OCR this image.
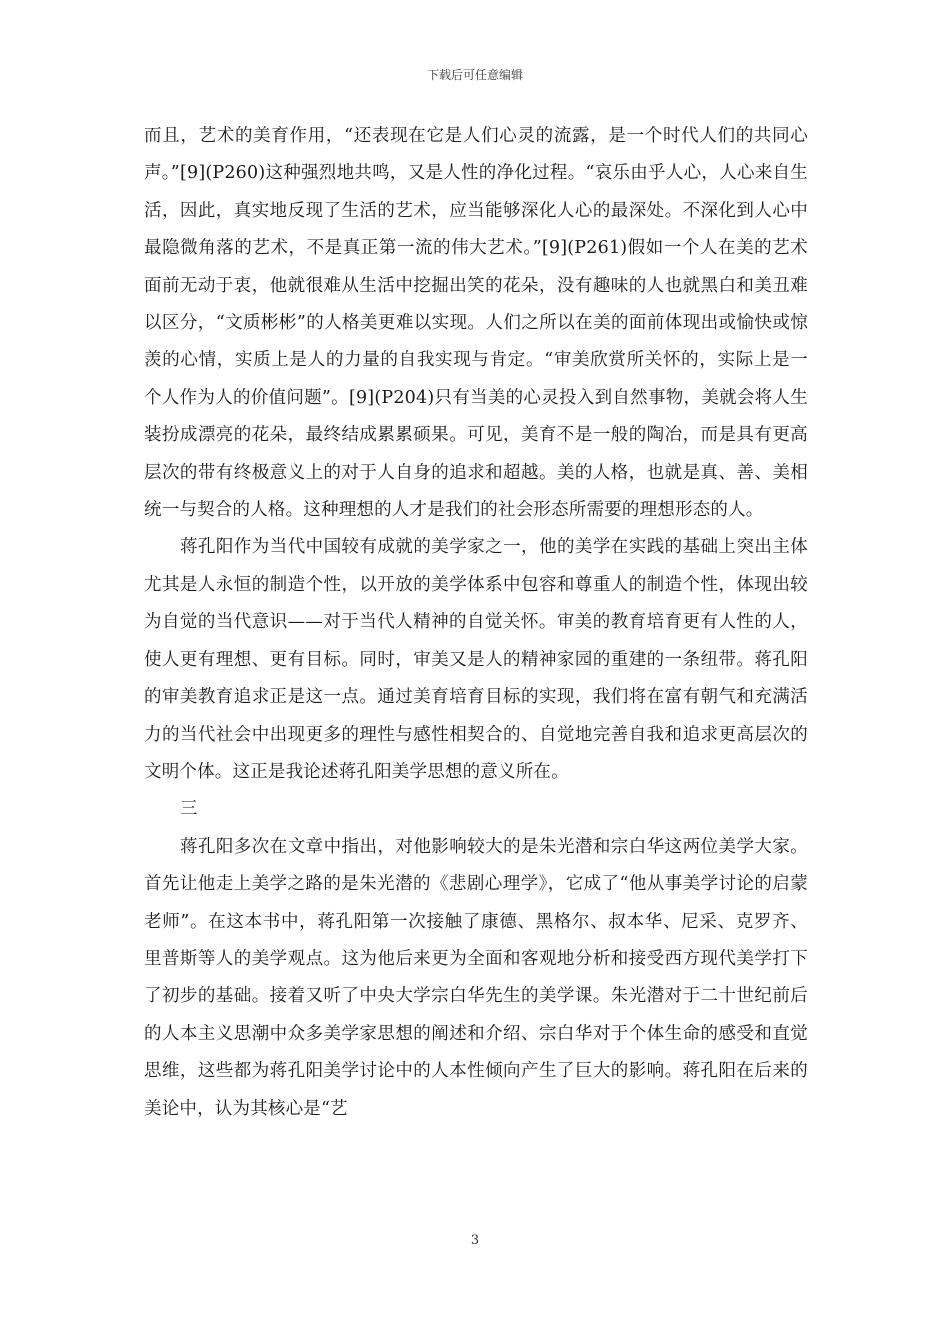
下载后可任意编辑

而且，艺术的美育作用，“还表现在它是人们心灵的流露，是一个时代人们的共同心声。”[9](P260)这种强烈地共鸣，又是人性的净化过程。“哀乐由乎人心，人心来自生活，因此，真实地反现了生活的艺术，应当能够深化人心的最深处。不深化到人心中最隐微角落的艺术，不是真正第一流的伟大艺术。”[9](P261)假如一个人在美的艺术面前无动于衷，他就很难从生活中挖掘出笑的花朵，没有趣味的人也就黑白和美丑难以区分，“文质彬彬”的人格美更难以实现。人们之所以在美的面前体现出或愉快或惊羡的心情，实质上是人的力量的自我实现与肯定。“审美欣赏所关怀的，实际上是一个人作为人的价值问题”。[9](P204)只有当美的心灵投入到自然事物，美就会将人生装扮成漂亮的花朵，最终结成累累硕果。可见，美育不是一般的陶冶，而是具有更高层次的带有终极意义上的对于人自身的追求和超越。美的人格，也就是真、善、美相统一与契合的人格。这种理想的人才是我们的社会形态所需要的理想形态的人。

蒋孔阳作为当代中国较有成就的美学家之一，他的美学在实践的基础上突出主体尤其是人永恒的制造个性，以开放的美学体系中包容和尊重人的制造个性，体现出较为自觉的当代意识——对于当代人精神的自觉关怀。审美的教育培育更有人性的人，使人更有理想、更有目标。同时，审美又是人的精神家园的重建的一条纽带。蒋孔阳的审美教育追求正是这一点。通过美育培育目标的实现，我们将在富有朝气和充满活力的当代社会中出现更多的理性与感性相契合的、自觉地完善自我和追求更高层次的文明个体。这正是我论述蒋孔阳美学思想的意义所在。

三

蒋孔阳多次在文章中指出，对他影响较大的是朱光潜和宗白华这两位美学大家。首先让他走上美学之路的是朱光潜的《悲剧心理学》，它成了“他从事美学讨论的启蒙老师”。在这本书中，蒋孔阳第一次接触了康德、黑格尔、叔本华、尼采、克罗齐、里普斯等人的美学观点。这为他后来更为全面和客观地分析和接受西方现代美学打下了初步的基础。接着又听了中央大学宗白华先生的美学课。朱光潜对于二十世纪前后的人本主义思潮中众多美学家思想的阐述和介绍、宗白华对于个体生命的感受和直觉思维，这些都为蒋孔阳美学讨论中的人本性倾向产生了巨大的影响。蒋孔阳在后来的美论中，认为其核心是“艺

3
